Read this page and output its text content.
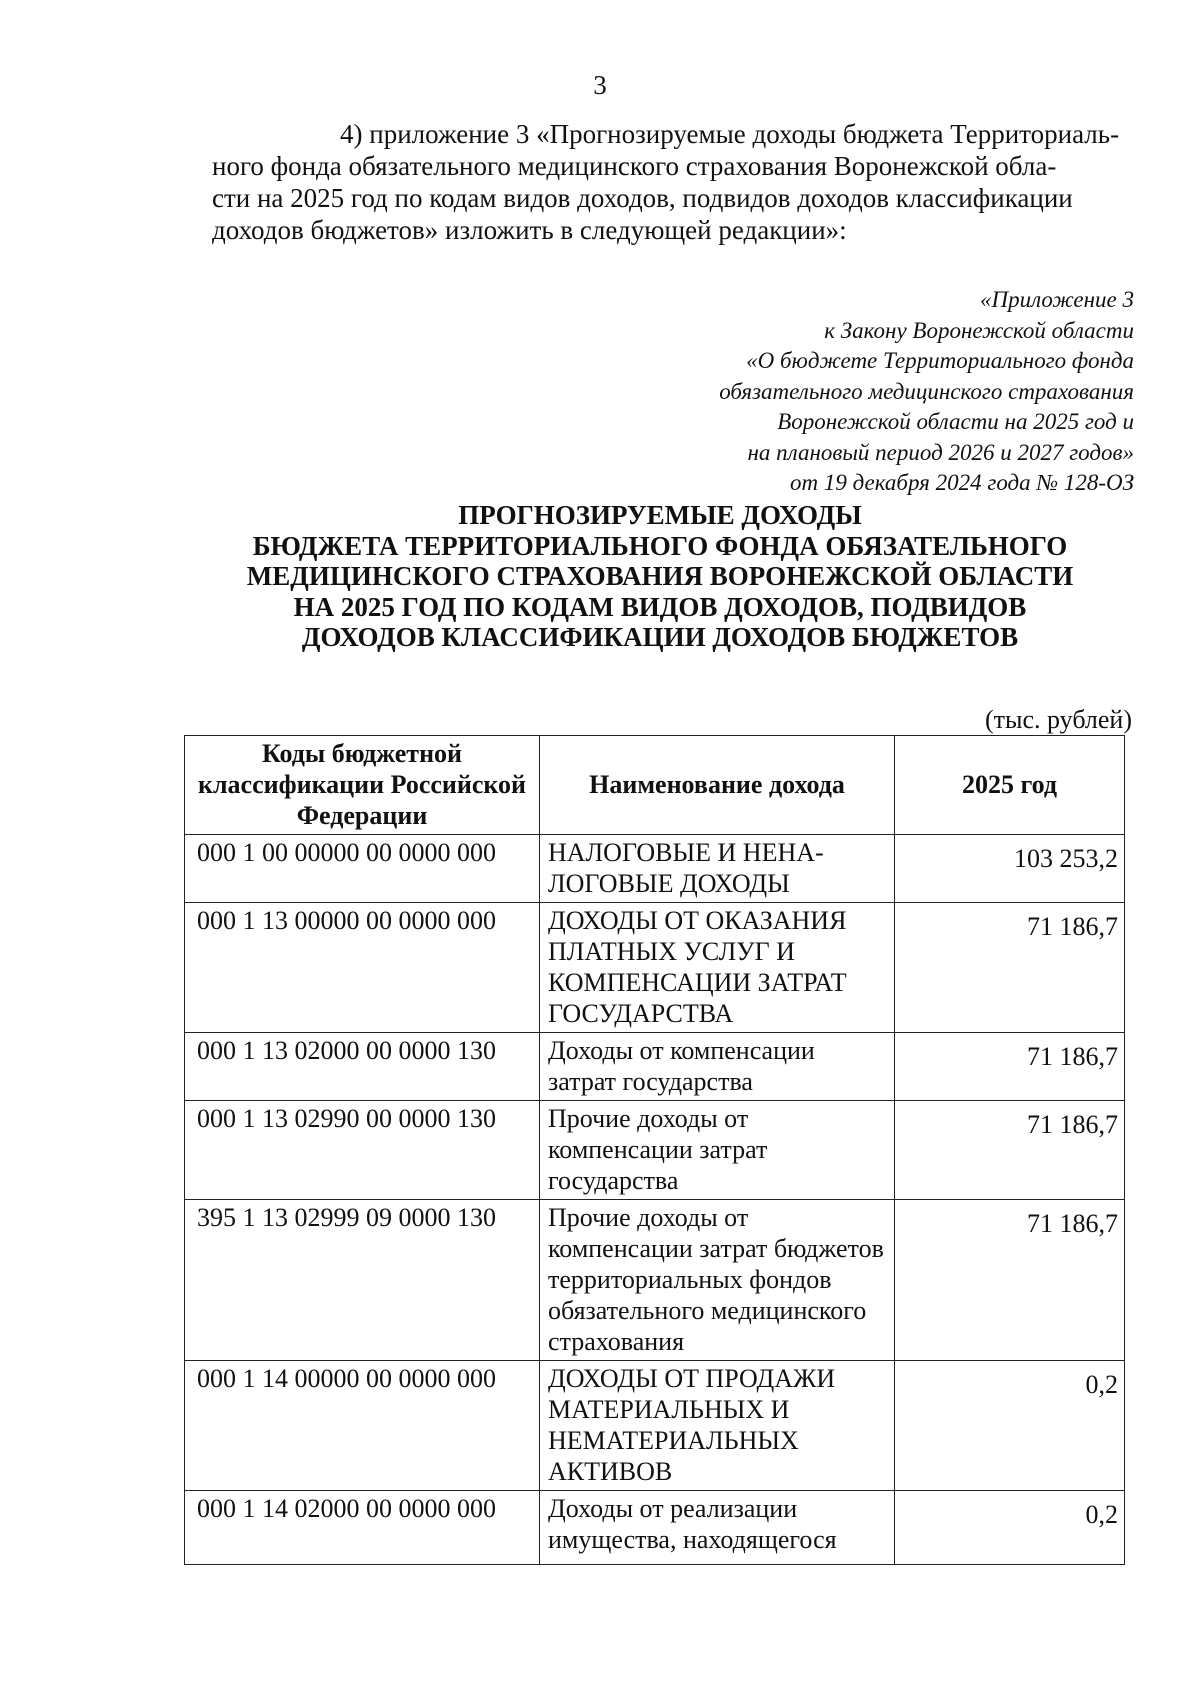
3
4) приложение 3 «Прогнозируемые доходы бюджета Территориаль-
ного фонда обязательного медицинского страхования Воронежской обла-
сти на 2025 год по кодам видов доходов, подвидов доходов классификации
доходов бюджетов» изложить в следующей редакции»:
«Приложение 3
к Закону Воронежской области
«О бюджете Территориального фонда
обязательного медицинского страхования
Воронежской области на 2025 год и
на плановый период 2026 и 2027 годов»
от 19 декабря 2024 года № 128-ОЗ
ПРОГНОЗИРУЕМЫЕ ДОХОДЫ
БЮДЖЕТА ТЕРРИТОРИАЛЬНОГО ФОНДА ОБЯЗАТЕЛЬНОГО
МЕДИЦИНСКОГО СТРАХОВАНИЯ ВОРОНЕЖСКОЙ ОБЛАСТИ
НА 2025 ГОД ПО КОДАМ ВИДОВ ДОХОДОВ, ПОДВИДОВ
ДОХОДОВ КЛАССИФИКАЦИИ ДОХОДОВ БЮДЖЕТОВ
(тыс. рублей)
Коды бюджетной классификации Российской Федерации	Наименование дохода	2025 год
000 1 00 00000 00 0000 000	НАЛОГОВЫЕ И НЕНА-ЛОГОВЫЕ ДОХОДЫ	103 253,2
000 1 13 00000 00 0000 000	ДОХОДЫ ОТ ОКАЗАНИЯ ПЛАТНЫХ УСЛУГ И КОМПЕНСАЦИИ ЗАТРАТ ГОСУДАРСТВА	71 186,7
000 1 13 02000 00 0000 130	Доходы от компенсации затрат государства	71 186,7
000 1 13 02990 00 0000 130	Прочие доходы от компенсации затрат государства	71 186,7
395 1 13 02999 09 0000 130	Прочие доходы от компенсации затрат бюджетов территориальных фондов обязательного медицинского страхования	71 186,7
000 1 14 00000 00 0000 000	ДОХОДЫ ОТ ПРОДАЖИ МАТЕРИАЛЬНЫХ И НЕМАТЕРИАЛЬНЫХ АКТИВОВ	0,2
000 1 14 02000 00 0000 000	Доходы от реализации имущества, находящегося	0,2
